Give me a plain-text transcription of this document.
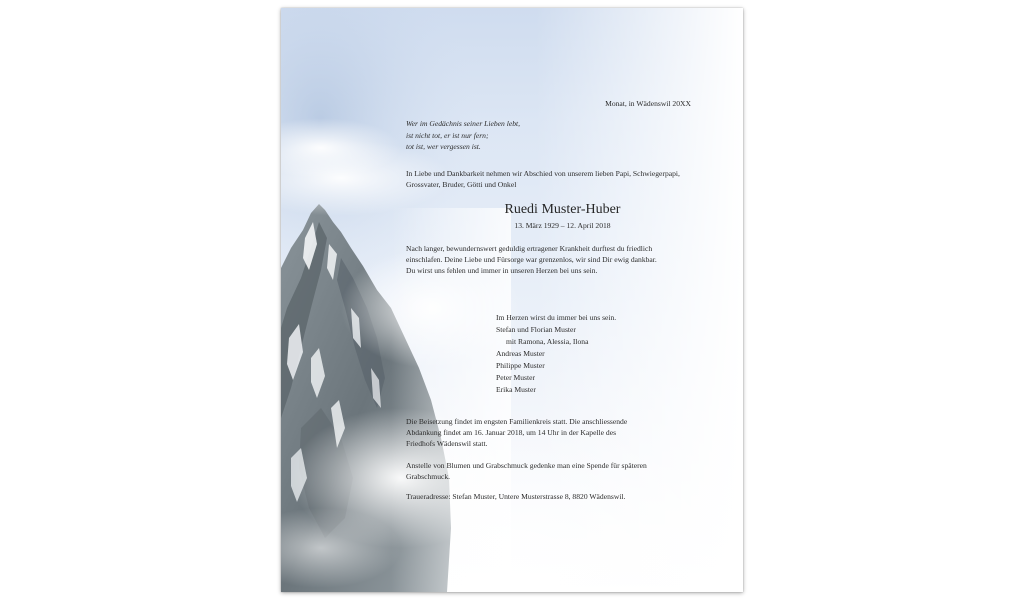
Monat, in Wädenswil 20XX
Wer im Gedächnis seiner Lieben lebt,
ist nicht tot, er ist nur fern;
tot ist, wer vergessen ist.
In Liebe und Dankbarkeit nehmen wir Abschied von unserem lieben Papi, Schwiegerpapi, Grossvater, Bruder, Götti und Onkel
Ruedi Muster-Huber
13. März 1929 – 12. April 2018
Nach langer, bewundernswert geduldig ertragener Krankheit durftest du friedlich
einschlafen. Deine Liebe und Fürsorge war grenzenlos, wir sind Dir ewig dankbar.
Du wirst uns fehlen und immer in unseren Herzen bei uns sein.
Im Herzen wirst du immer bei uns sein.
Stefan und Florian Muster
mit Ramona, Alessia, Ilona
Andreas Muster
Philippe Muster
Peter Muster
Erika Muster
Die Beisetzung findet im engsten Familienkreis statt. Die anschliessende
Abdankung findet am 16. Januar 2018, um 14 Uhr in der Kapelle des
Friedhofs Wädenswil statt.
Anstelle von Blumen und Grabschmuck gedenke man eine Spende für späteren
Grabschmuck.
Traueradresse: Stefan Muster, Untere Musterstrasse 8, 8820 Wädenswil.
